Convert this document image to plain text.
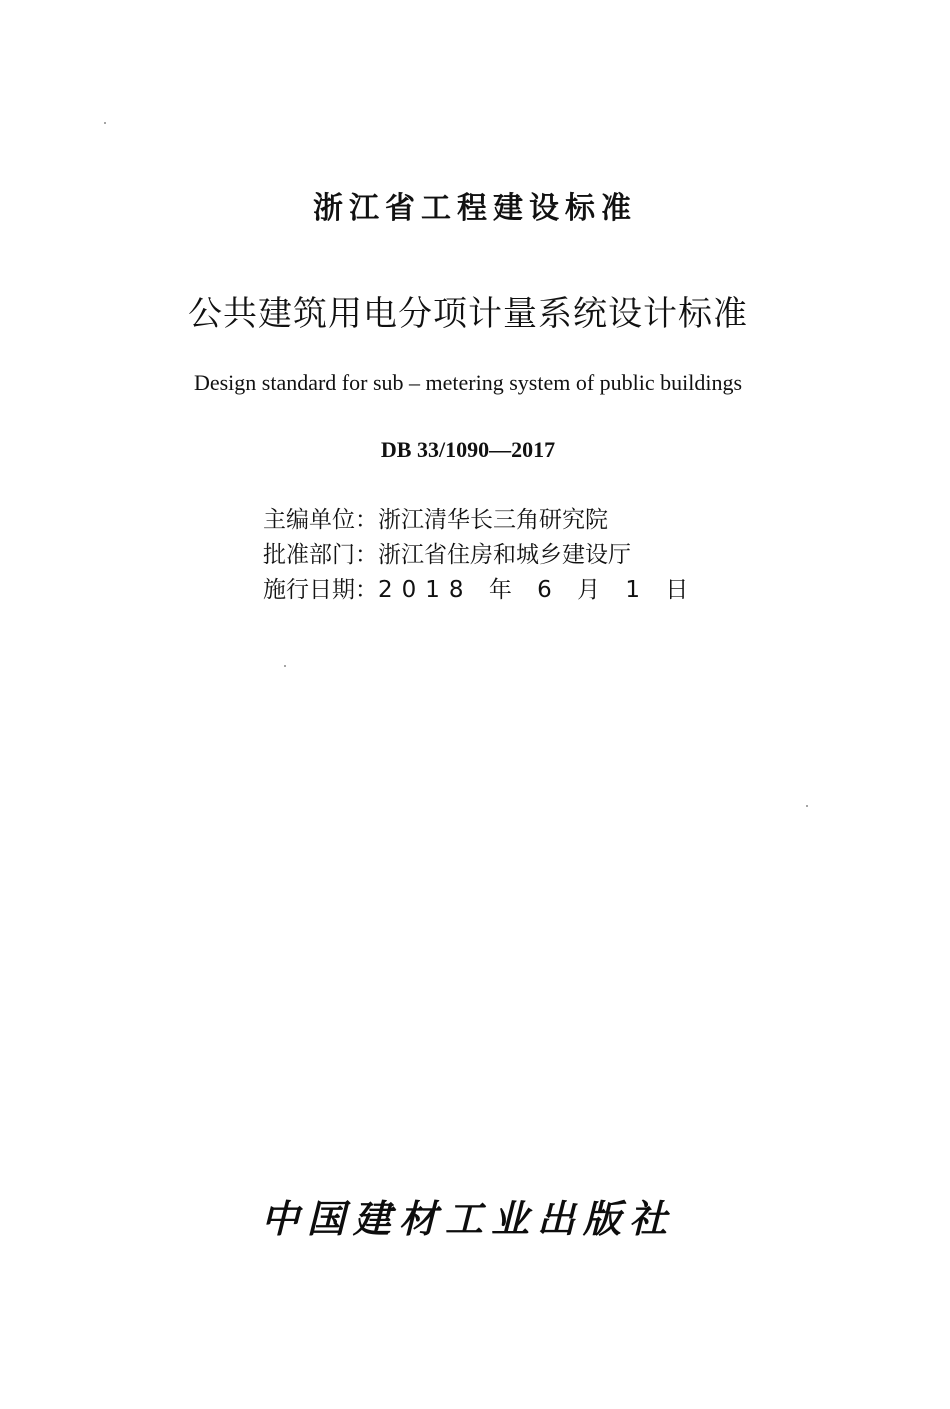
浙江省工程建设标准
公共建筑用电分项计量系统设计标准
Design standard for sub – metering system of public buildings
DB 33/1090—2017
主编单位：浙江清华长三角研究院
批准部门：浙江省住房和城乡建设厅
施行日期：2018 年 6 月 1 日
中国建材工业出版社
